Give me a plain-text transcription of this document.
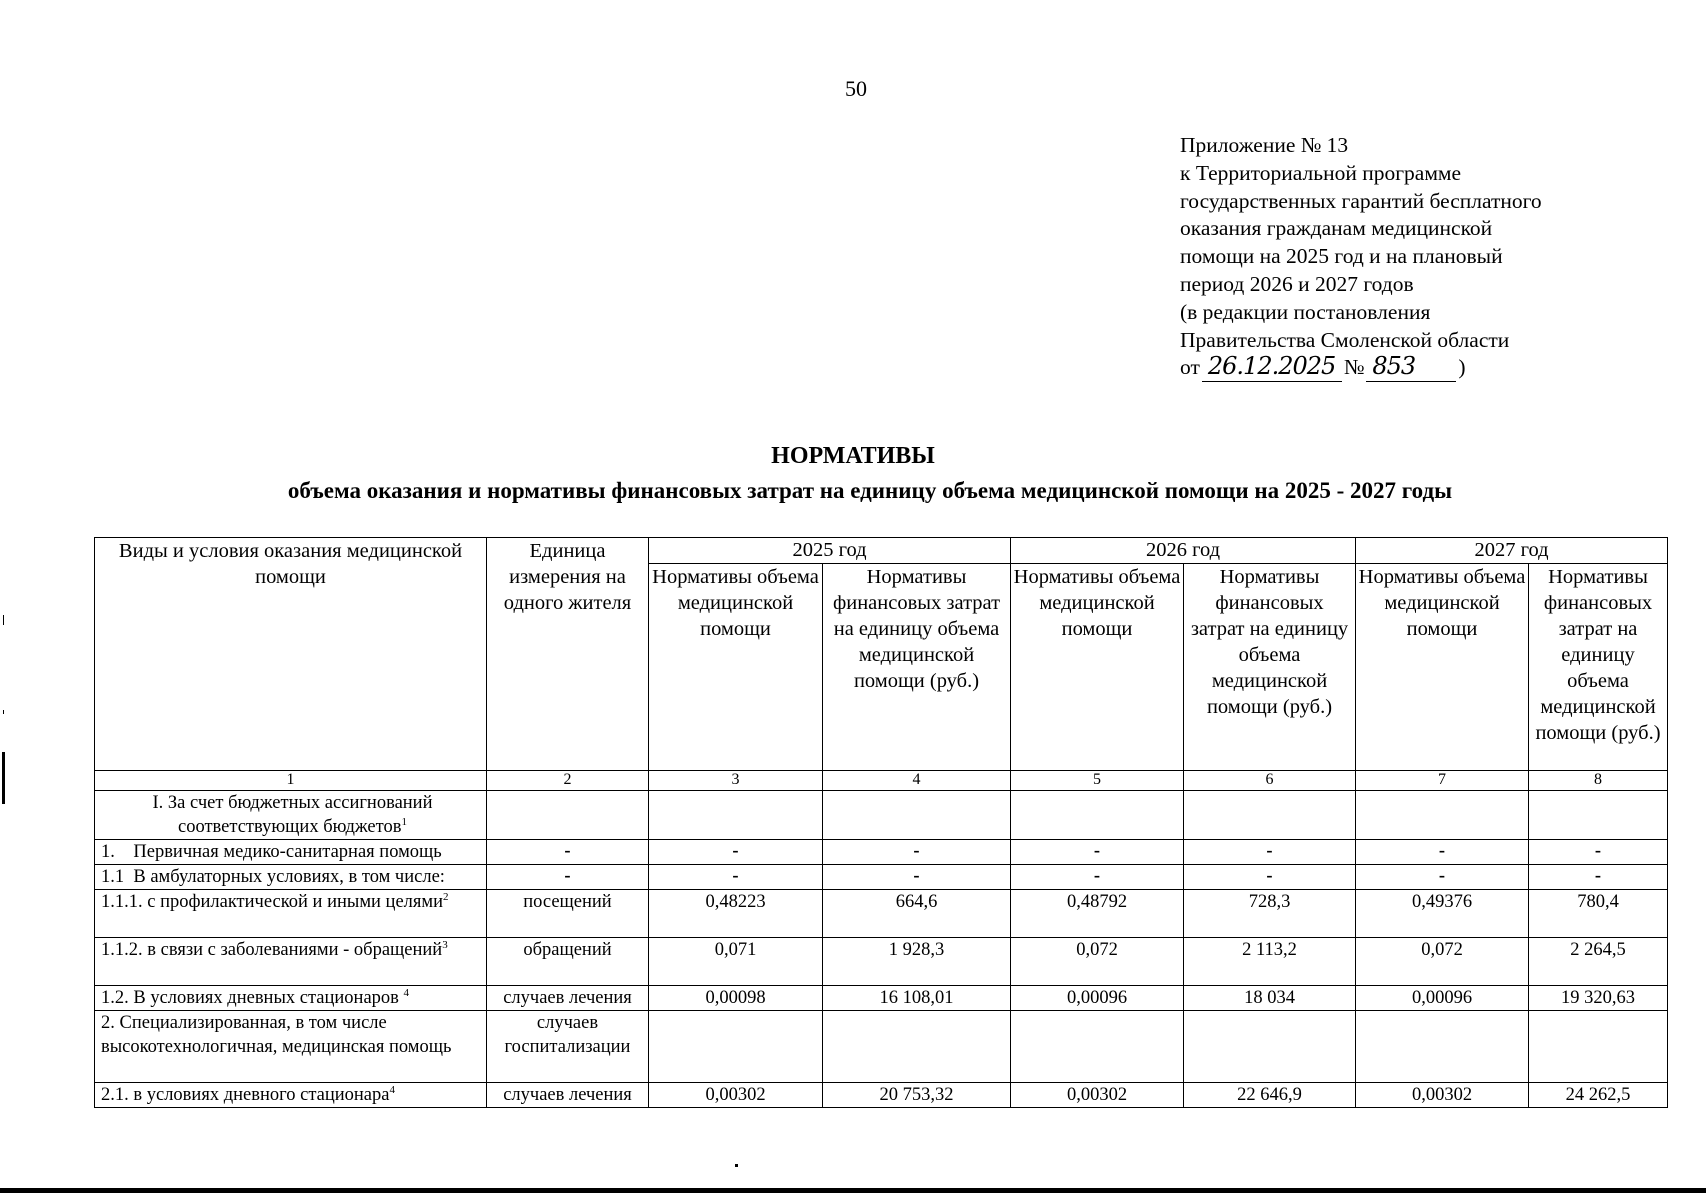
50
Приложение № 13
к Территориальной программе
государственных гарантий бесплатного
оказания гражданам медицинской
помощи на 2025 год и на плановый
период 2026 и 2027 годов
(в редакции постановления
Правительства Смоленской области
от 26.12.2025 № 853 )
НОРМАТИВЫ
объема оказания и нормативы финансовых затрат на единицу объема медицинской помощи на 2025 - 2027 годы
Виды и условия оказания медицинской помощи	Единица измерения на одного жителя	2025 год		2026 год		2027 год	
		Нормативы объема медицинской помощи	Нормативы финансовых затрат на единицу объема медицинской помощи (руб.)	Нормативы объема медицинской помощи	Нормативы финансовых затрат на единицу объема медицинской помощи (руб.)	Нормативы объема медицинской помощи	Нормативы финансовых затрат на единицу объема медицинской помощи (руб.)
1	2	3	4	5	6	7	8
I. За счет бюджетных ассигнований соответствующих бюджетов$^1$							
1.    Первичная медико-санитарная помощь	-	-	-	-	-	-	-
1.1  В амбулаторных условиях, в том числе:	-	-	-	-	-	-	-
1.1.1. с профилактической и иными целями$^2$	посещений	0,48223	664,6	0,48792	728,3	0,49376	780,4
1.1.2. в связи с заболеваниями - обращений$^3$	обращений	0,071	1 928,3	0,072	2 113,2	0,072	2 264,5
1.2. В условиях дневных стационаров $^4$	случаев лечения	0,00098	16 108,01	0,00096	18 034	0,00096	19 320,63
2. Специализированная, в том числе высокотехнологичная, медицинская помощь	случаев госпитализации						
2.1. в условиях дневного стационара$^4$	случаев лечения	0,00302	20 753,32	0,00302	22 646,9	0,00302	24 262,5
